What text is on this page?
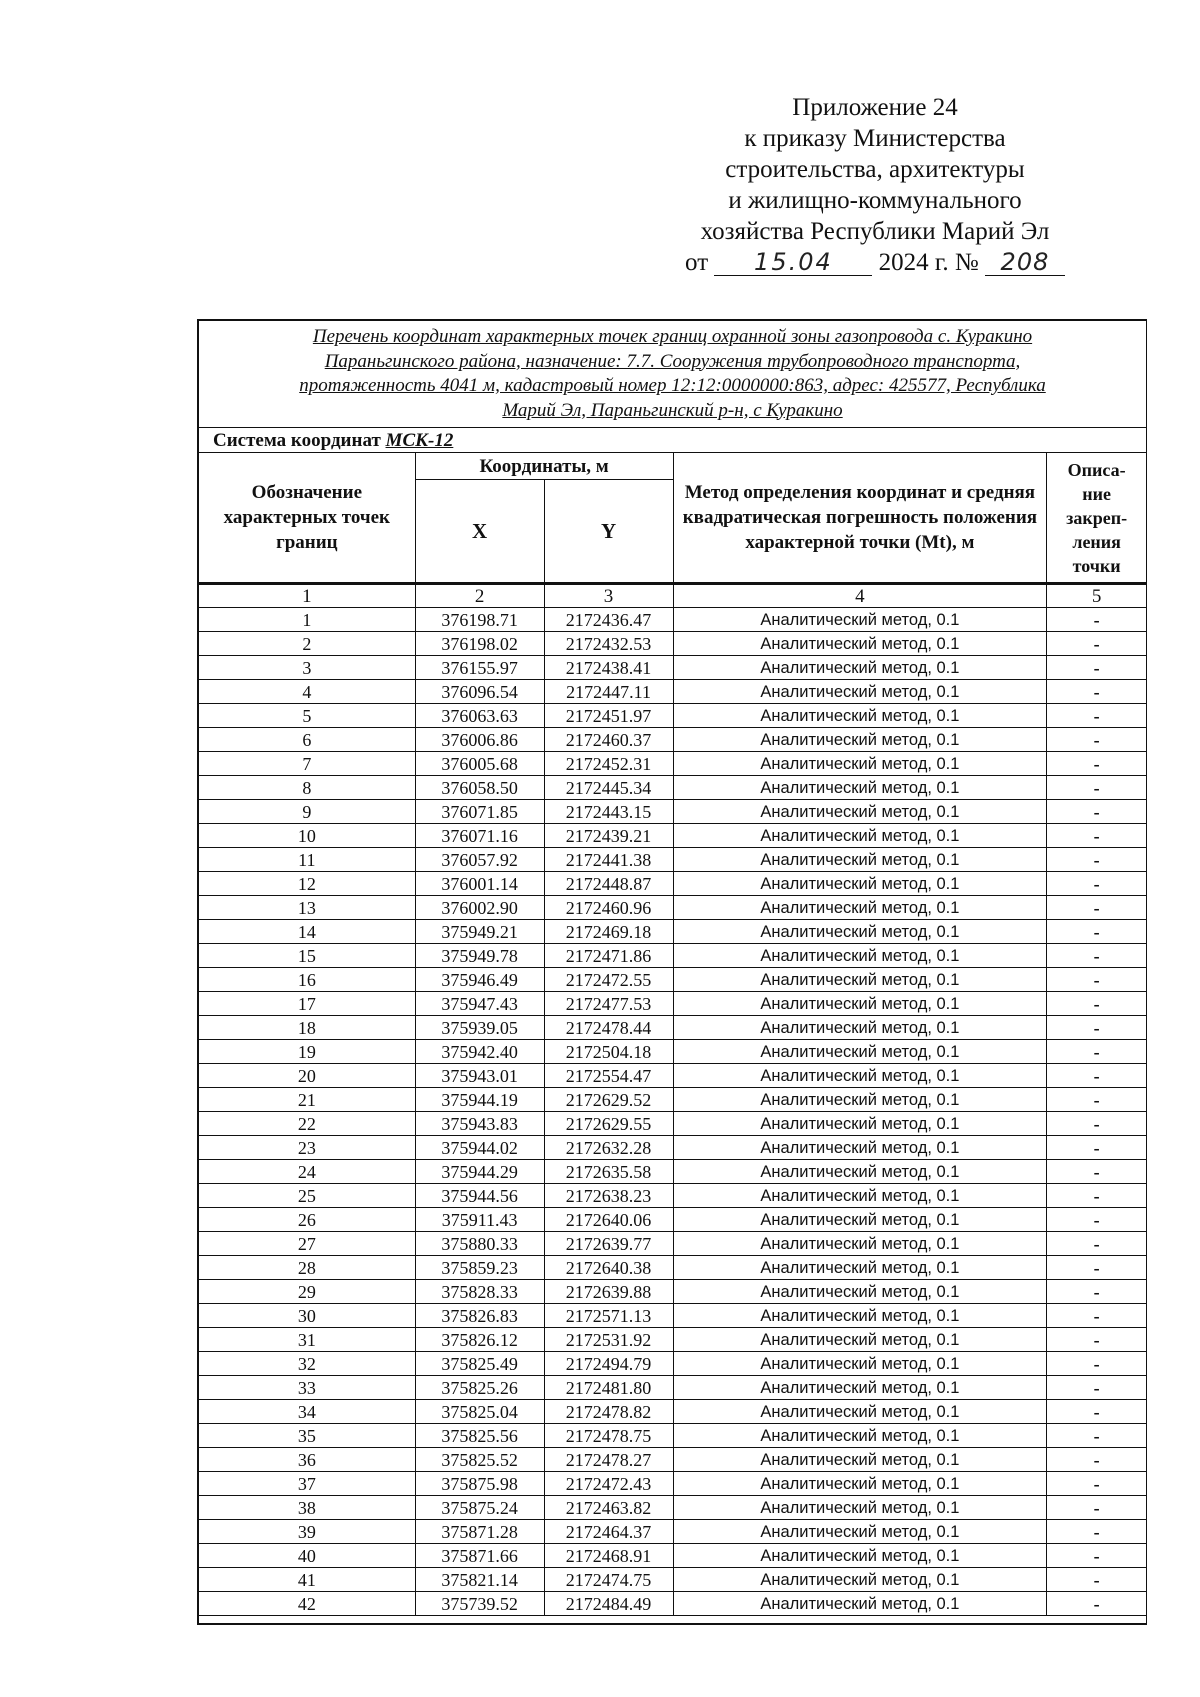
Приложение 24
к приказу Министерства
строительства, архитектуры
и жилищно-коммунального
хозяйства Республики Марий Эл
от 15.04 2024 г. № 208
Перечень координат характерных точек границ охранной зоны газопровода с. Куракино
Параньгинского района, назначение: 7.7. Сооружения трубопроводного транспорта,
протяженность 4041 м, кадастровый номер 12:12:0000000:863, адрес: 425577, Республика
Марий Эл, Параньгинский р-н, с Куракино
Система координат МСК-12				
Обозначение характерных точек границ	Координаты, м		Метод определения координат и средняя квадратическая погрешность положения характерной точки (Mt), м	Описа-
ние
закреп-
ления
точки
	X	Y		
1	2	3	4	5
1	376198.71	2172436.47	Аналитический метод, 0.1	-
2	376198.02	2172432.53	Аналитический метод, 0.1	-
3	376155.97	2172438.41	Аналитический метод, 0.1	-
4	376096.54	2172447.11	Аналитический метод, 0.1	-
5	376063.63	2172451.97	Аналитический метод, 0.1	-
6	376006.86	2172460.37	Аналитический метод, 0.1	-
7	376005.68	2172452.31	Аналитический метод, 0.1	-
8	376058.50	2172445.34	Аналитический метод, 0.1	-
9	376071.85	2172443.15	Аналитический метод, 0.1	-
10	376071.16	2172439.21	Аналитический метод, 0.1	-
11	376057.92	2172441.38	Аналитический метод, 0.1	-
12	376001.14	2172448.87	Аналитический метод, 0.1	-
13	376002.90	2172460.96	Аналитический метод, 0.1	-
14	375949.21	2172469.18	Аналитический метод, 0.1	-
15	375949.78	2172471.86	Аналитический метод, 0.1	-
16	375946.49	2172472.55	Аналитический метод, 0.1	-
17	375947.43	2172477.53	Аналитический метод, 0.1	-
18	375939.05	2172478.44	Аналитический метод, 0.1	-
19	375942.40	2172504.18	Аналитический метод, 0.1	-
20	375943.01	2172554.47	Аналитический метод, 0.1	-
21	375944.19	2172629.52	Аналитический метод, 0.1	-
22	375943.83	2172629.55	Аналитический метод, 0.1	-
23	375944.02	2172632.28	Аналитический метод, 0.1	-
24	375944.29	2172635.58	Аналитический метод, 0.1	-
25	375944.56	2172638.23	Аналитический метод, 0.1	-
26	375911.43	2172640.06	Аналитический метод, 0.1	-
27	375880.33	2172639.77	Аналитический метод, 0.1	-
28	375859.23	2172640.38	Аналитический метод, 0.1	-
29	375828.33	2172639.88	Аналитический метод, 0.1	-
30	375826.83	2172571.13	Аналитический метод, 0.1	-
31	375826.12	2172531.92	Аналитический метод, 0.1	-
32	375825.49	2172494.79	Аналитический метод, 0.1	-
33	375825.26	2172481.80	Аналитический метод, 0.1	-
34	375825.04	2172478.82	Аналитический метод, 0.1	-
35	375825.56	2172478.75	Аналитический метод, 0.1	-
36	375825.52	2172478.27	Аналитический метод, 0.1	-
37	375875.98	2172472.43	Аналитический метод, 0.1	-
38	375875.24	2172463.82	Аналитический метод, 0.1	-
39	375871.28	2172464.37	Аналитический метод, 0.1	-
40	375871.66	2172468.91	Аналитический метод, 0.1	-
41	375821.14	2172474.75	Аналитический метод, 0.1	-
42	375739.52	2172484.49	Аналитический метод, 0.1	-
